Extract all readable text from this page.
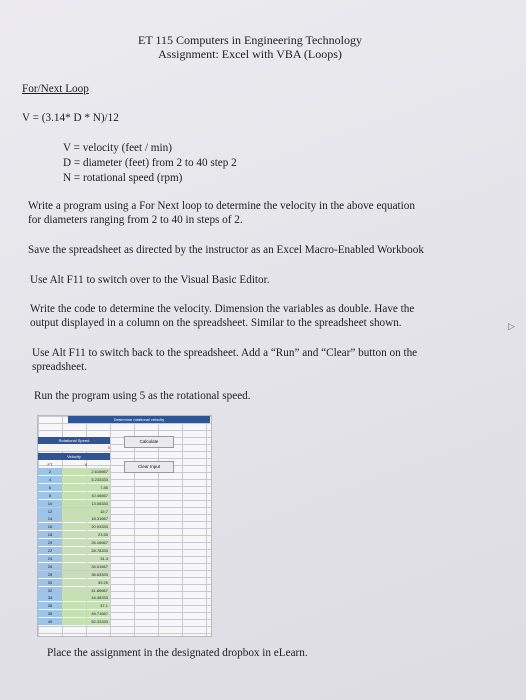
ET 115 Computers in Engineering Technology
Assignment: Excel with VBA (Loops)
For/Next Loop
V = (3.14* D * N)/12
V = velocity (feet / min)
D = diameter (feet) from 2 to 40 step 2
N = rotational speed (rpm)
Write a program using a For Next loop to determine the velocity in the above equation
for diameters ranging from 2 to 40 in steps of 2.
Save the spreadsheet as directed by the instructor as an Excel Macro-Enabled Workbook
Use Alt F11 to switch over to the Visual Basic Editor.
Write the code to determine the velocity. Dimension the variables as double. Have the
output displayed in a column on the spreadsheet. Similar to the spreadsheet shown.
Use Alt F11 to switch back to the spreadsheet. Add a “Run” and “Clear” button on the
spreadsheet.
Run the program using 5 as the rotational speed.
Determine rotational velocity
Rotational Speed
5
Velocity
Calculate
Clear Input
FT	V
2	2.616667
4	5.233333
6	7.85
8	10.46667
10	13.08333
12	15.7
14	18.31667
16	20.93333
18	23.55
20	26.16667
22	28.78333
24	31.4
26	34.01667
28	36.63333
30	39.25
32	41.86667
34	44.48333
36	47.1
38	49.71667
40	52.33333
Place the assignment in the designated dropbox in eLearn.
▷
